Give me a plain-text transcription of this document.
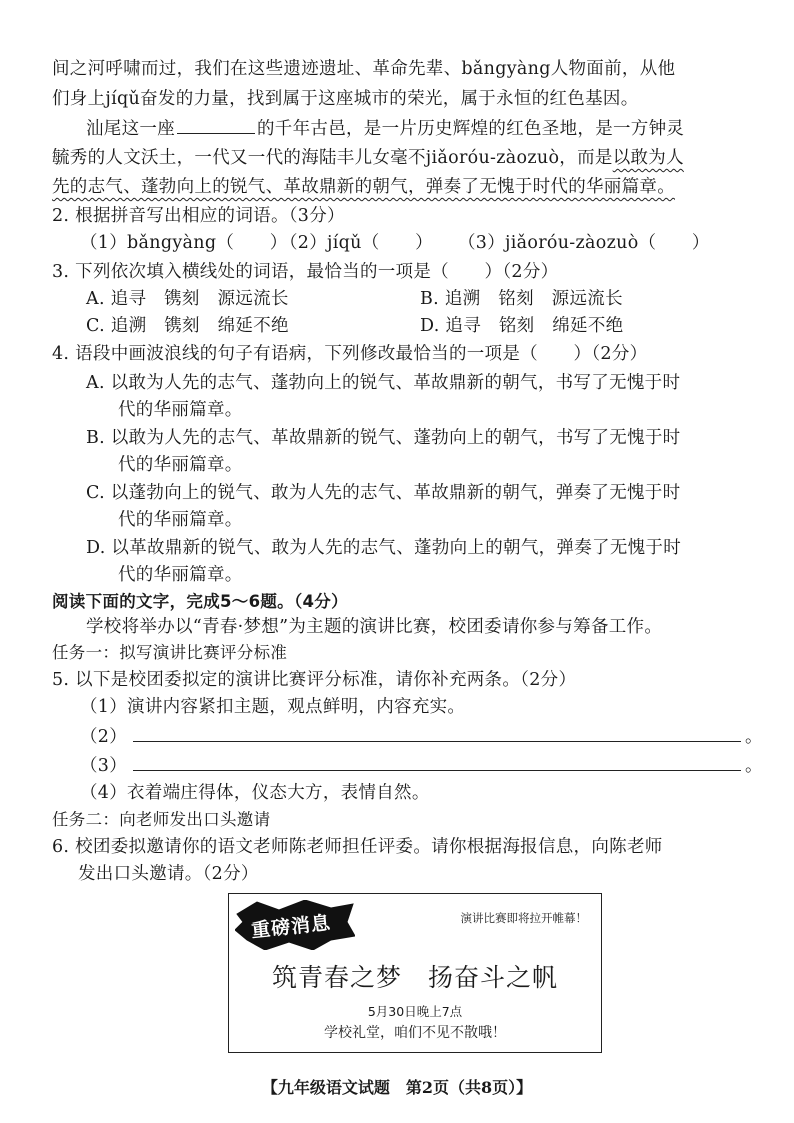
间之河呼啸而过，我们在这些遗迹遗址、革命先辈、bǎngyàng人物面前，从他
们身上jíqǔ奋发的力量，找到属于这座城市的荣光，属于永恒的红色基因。
汕尾这一座	的千年古邑，是一片历史辉煌的红色圣地，是一方钟灵
毓秀的人文沃土，一代又一代的海陆丰儿女毫不jiǎoróu-zàozuò，而是以敢为人
先的志气、蓬勃向上的锐气、革故鼎新的朝气，弹奏了无愧于时代的华丽篇章。
2. 根据拼音写出相应的词语。（3分）
（1）bǎngyàng（　　）（2）jíqǔ（　　） （3）jiǎoróu-zàozuò（　　）
3. 下列依次填入横线处的词语，最恰当的一项是（　　）（2分）
A. 追寻　镌刻　源远流长	B. 追溯　铭刻　源远流长
C. 追溯　镌刻　绵延不绝	D. 追寻　铭刻　绵延不绝
4. 语段中画波浪线的句子有语病，下列修改最恰当的一项是（　　）（2分）
A. 以敢为人先的志气、蓬勃向上的锐气、革故鼎新的朝气，书写了无愧于时
代的华丽篇章。
B. 以敢为人先的志气、革故鼎新的锐气、蓬勃向上的朝气，书写了无愧于时
代的华丽篇章。
C. 以蓬勃向上的锐气、敢为人先的志气、革故鼎新的朝气，弹奏了无愧于时
代的华丽篇章。
D. 以革故鼎新的锐气、敢为人先的志气、蓬勃向上的朝气，弹奏了无愧于时
代的华丽篇章。
阅读下面的文字，完成5～6题。（4分）
学校将举办以“青春·梦想”为主题的演讲比赛，校团委请你参与筹备工作。
任务一：拟写演讲比赛评分标准
5. 以下是校团委拟定的演讲比赛评分标准，请你补充两条。（2分）
（1）演讲内容紧扣主题，观点鲜明，内容充实。
（2）	。
（3）	。
（4）衣着端庄得体，仪态大方，表情自然。
任务二：向老师发出口头邀请
6. 校团委拟邀请你的语文老师陈老师担任评委。请你根据海报信息，向陈老师
发出口头邀请。（2分）
重磅消息	演讲比赛即将拉开帷幕！
筑青春之梦　扬奋斗之帆
5月30日晚上7点
学校礼堂，咱们不见不散哦！
【九年级语文试题　第2页（共8页）】
